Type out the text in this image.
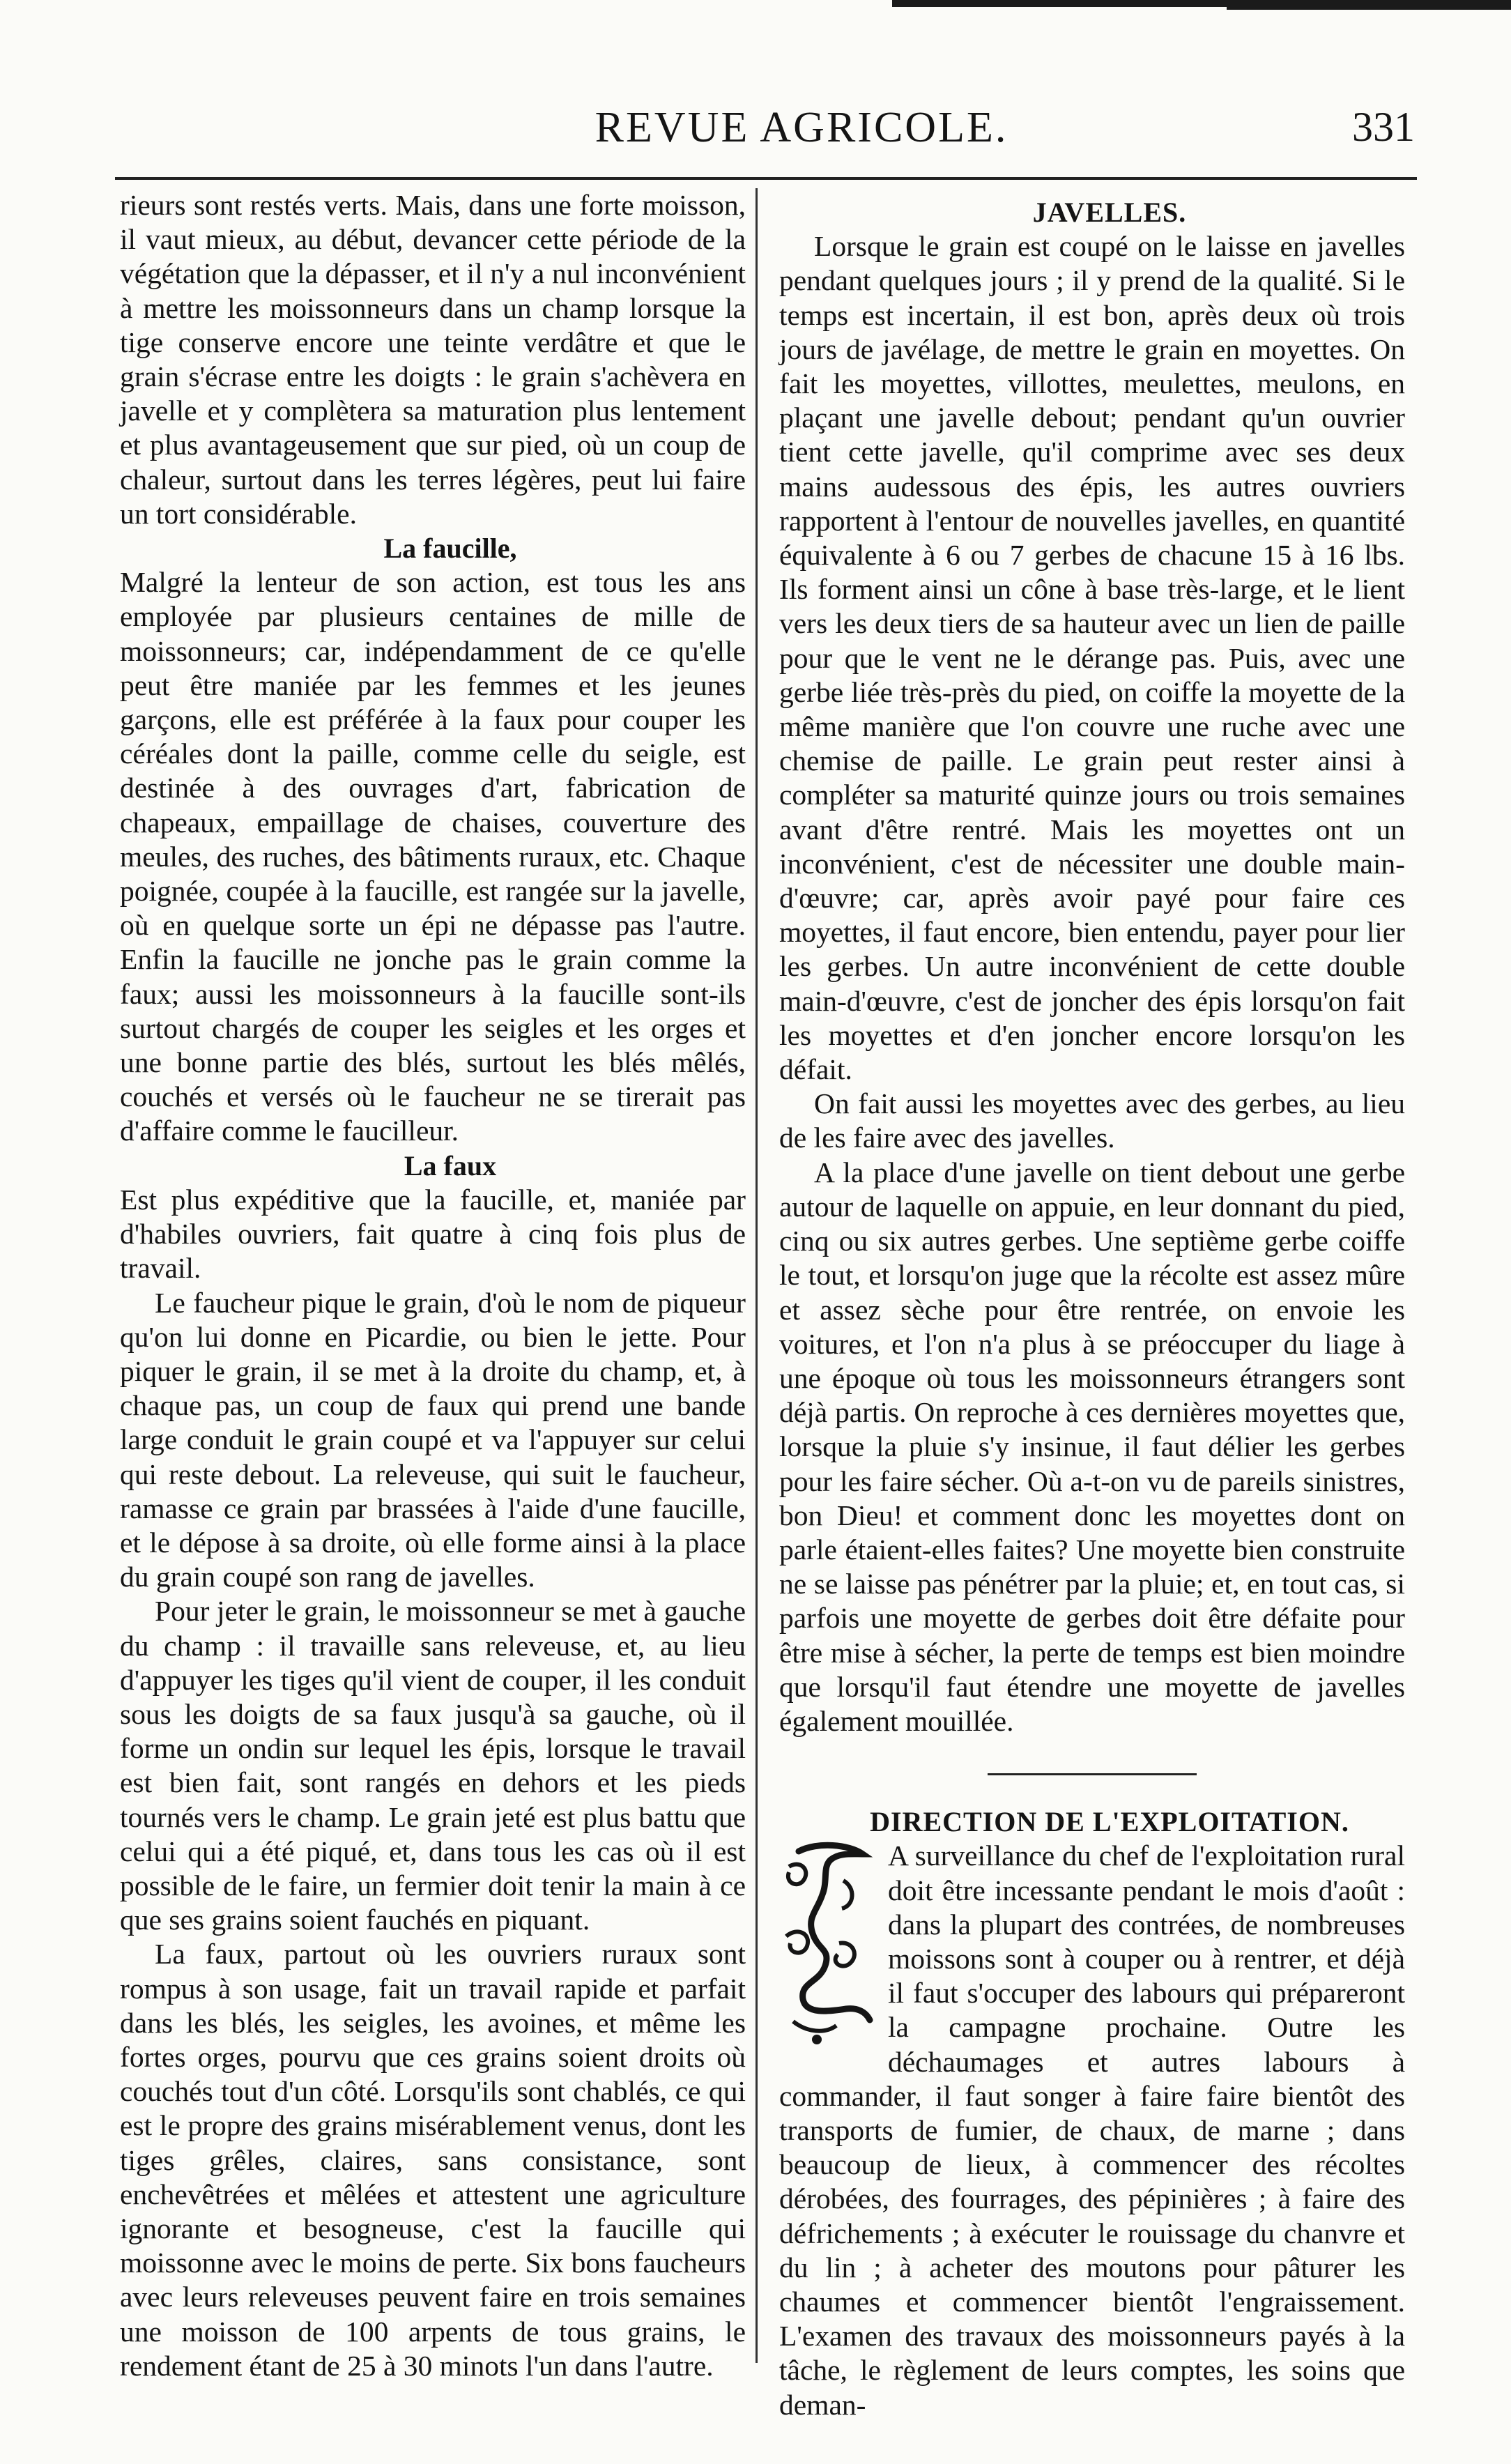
REVUE AGRICOLE.	331

rieurs sont restés verts. Mais, dans une forte moisson, il vaut mieux, au début, devancer cette période de la végétation que la dépasser, et il n'y a nul inconvénient à mettre les moissonneurs dans un champ lorsque la tige conserve encore une teinte verdâtre et que le grain s'écrase entre les doigts : le grain s'achèvera en javelle et y complètera sa maturation plus lentement et plus avantageusement que sur pied, où un coup de chaleur, surtout dans les terres légères, peut lui faire un tort considérable.

La faucille,

Malgré la lenteur de son action, est tous les ans employée par plusieurs centaines de mille de moissonneurs; car, indépendamment de ce qu'elle peut être maniée par les femmes et les jeunes garçons, elle est préférée à la faux pour couper les céréales dont la paille, comme celle du seigle, est destinée à des ouvrages d'art, fabrication de chapeaux, empaillage de chaises, couverture des meules, des ruches, des bâtiments ruraux, etc. Chaque poignée, coupée à la faucille, est rangée sur la javelle, où en quelque sorte un épi ne dépasse pas l'autre. Enfin la faucille ne jonche pas le grain comme la faux; aussi les moissonneurs à la faucille sont-ils surtout chargés de couper les seigles et les orges et une bonne partie des blés, surtout les blés mêlés, couchés et versés où le faucheur ne se tirerait pas d'affaire comme le faucilleur.

La faux

Est plus expéditive que la faucille, et, maniée par d'habiles ouvriers, fait quatre à cinq fois plus de travail.

Le faucheur pique le grain, d'où le nom de piqueur qu'on lui donne en Picardie, ou bien le jette. Pour piquer le grain, il se met à la droite du champ, et, à chaque pas, un coup de faux qui prend une bande large conduit le grain coupé et va l'appuyer sur celui qui reste debout. La releveuse, qui suit le faucheur, ramasse ce grain par brassées à l'aide d'une faucille, et le dépose à sa droite, où elle forme ainsi à la place du grain coupé son rang de javelles.

Pour jeter le grain, le moissonneur se met à gauche du champ : il travaille sans releveuse, et, au lieu d'appuyer les tiges qu'il vient de couper, il les conduit sous les doigts de sa faux jusqu'à sa gauche, où il forme un ondin sur lequel les épis, lorsque le travail est bien fait, sont rangés en dehors et les pieds tournés vers le champ. Le grain jeté est plus battu que celui qui a été piqué, et, dans tous les cas où il est possible de le faire, un fermier doit tenir la main à ce que ses grains soient fauchés en piquant.

La faux, partout où les ouvriers ruraux sont rompus à son usage, fait un travail rapide et parfait dans les blés, les seigles, les avoines, et même les fortes orges, pourvu que ces grains soient droits où couchés tout d'un côté. Lorsqu'ils sont chablés, ce qui est le propre des grains misérablement venus, dont les tiges grêles, claires, sans consistance, sont enchevêtrées et mêlées et attestent une agriculture ignorante et besogneuse, c'est la faucille qui moissonne avec le moins de perte. Six bons faucheurs avec leurs releveuses peuvent faire en trois semaines une moisson de 100 arpents de tous grains, le rendement étant de 25 à 30 minots l'un dans l'autre.

JAVELLES.

Lorsque le grain est coupé on le laisse en javelles pendant quelques jours ; il y prend de la qualité. Si le temps est incertain, il est bon, après deux où trois jours de javélage, de mettre le grain en moyettes. On fait les moyettes, villottes, meulettes, meulons, en plaçant une javelle debout; pendant qu'un ouvrier tient cette javelle, qu'il comprime avec ses deux mains audessous des épis, les autres ouvriers rapportent à l'entour de nouvelles javelles, en quantité équivalente à 6 ou 7 gerbes de chacune 15 à 16 lbs. Ils forment ainsi un cône à base très-large, et le lient vers les deux tiers de sa hauteur avec un lien de paille pour que le vent ne le dérange pas. Puis, avec une gerbe liée très-près du pied, on coiffe la moyette de la même manière que l'on couvre une ruche avec une chemise de paille. Le grain peut rester ainsi à compléter sa maturité quinze jours ou trois semaines avant d'être rentré. Mais les moyettes ont un inconvénient, c'est de nécessiter une double main-d'œuvre; car, après avoir payé pour faire ces moyettes, il faut encore, bien entendu, payer pour lier les gerbes. Un autre inconvénient de cette double main-d'œuvre, c'est de joncher des épis lorsqu'on fait les moyettes et d'en joncher encore lorsqu'on les défait.

On fait aussi les moyettes avec des gerbes, au lieu de les faire avec des javelles.

A la place d'une javelle on tient debout une gerbe autour de laquelle on appuie, en leur donnant du pied, cinq ou six autres gerbes. Une septième gerbe coiffe le tout, et lorsqu'on juge que la récolte est assez mûre et assez sèche pour être rentrée, on envoie les voitures, et l'on n'a plus à se préoccuper du liage à une époque où tous les moissonneurs étrangers sont déjà partis. On reproche à ces dernières moyettes que, lorsque la pluie s'y insinue, il faut délier les gerbes pour les faire sécher. Où a-t-on vu de pareils sinistres, bon Dieu! et comment donc les moyettes dont on parle étaient-elles faites? Une moyette bien construite ne se laisse pas pénétrer par la pluie; et, en tout cas, si parfois une moyette de gerbes doit être défaite pour être mise à sécher, la perte de temps est bien moindre que lorsqu'il faut étendre une moyette de javelles également mouillée.

DIRECTION DE L'EXPLOITATION.

A surveillance du chef de l'exploitation rural doit être incessante pendant le mois d'août : dans la plupart des contrées, de nombreuses moissons sont à couper ou à rentrer, et déjà il faut s'occuper des labours qui prépareront la campagne prochaine. Outre les déchaumages et autres labours à commander, il faut songer à faire faire bientôt des transports de fumier, de chaux, de marne ; dans beaucoup de lieux, à commencer des récoltes dérobées, des fourrages, des pépinières ; à faire des défrichements ; à exécuter le rouissage du chanvre et du lin ; à acheter des moutons pour pâturer les chaumes et commencer bientôt l'engraissement. L'examen des travaux des moissonneurs payés à la tâche, le règlement de leurs comptes, les soins que deman-
